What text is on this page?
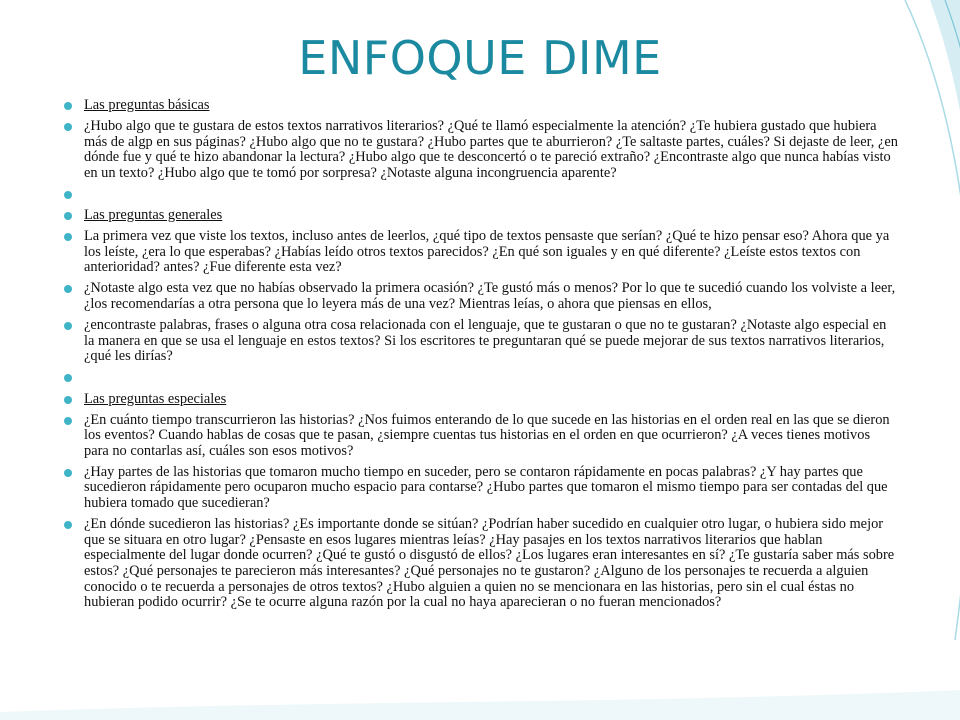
ENFOQUE DIME
Las preguntas básicas
¿Hubo algo que te gustara de estos textos narrativos literarios? ¿Qué te llamó especialmente la atención? ¿Te hubiera gustado que hubiera más de algp en sus páginas? ¿Hubo algo que no te gustara? ¿Hubo partes que te aburrieron? ¿Te saltaste partes, cuáles? Si dejaste de leer, ¿en dónde fue y qué te hizo abandonar la lectura? ¿Hubo algo que te desconcertó o te pareció extraño? ¿Encontraste algo que nunca habías visto en un texto? ¿Hubo algo que te tomó por sorpresa? ¿Notaste alguna incongruencia aparente?
Las preguntas generales
La primera vez que viste los textos, incluso antes de leerlos, ¿qué tipo de textos pensaste que serían? ¿Qué te hizo pensar eso? Ahora que ya los leíste, ¿era lo que esperabas? ¿Habías leído otros textos parecidos? ¿En qué son iguales y en qué diferente? ¿Leíste estos textos con anterioridad? antes? ¿Fue diferente esta vez?
¿Notaste algo esta vez que no habías observado la primera ocasión? ¿Te gustó más o menos? Por lo que te sucedió cuando los volviste a leer, ¿los recomendarías a otra persona que lo leyera más de una vez? Mientras leías, o ahora que piensas en ellos,
¿encontraste palabras, frases o alguna otra cosa relacionada con el lenguaje, que te gustaran o que no te gustaran? ¿Notaste algo especial en la manera en que se usa el lenguaje en estos textos? Si los escritores te preguntaran qué se puede mejorar de sus textos narrativos literarios, ¿qué les dirías?
Las preguntas especiales
¿En cuánto tiempo transcurrieron las historias? ¿Nos fuimos enterando de lo que sucede en las historias en el orden real en las que se dieron los eventos? Cuando hablas de cosas que te pasan, ¿siempre cuentas tus historias en el orden en que ocurrieron? ¿A veces tienes motivos para no contarlas así, cuáles son esos motivos?
¿Hay partes de las historias que tomaron mucho tiempo en suceder, pero se contaron rápidamente en pocas palabras? ¿Y hay partes que sucedieron rápidamente pero ocuparon mucho espacio para contarse? ¿Hubo partes que tomaron el mismo tiempo para ser contadas del que hubiera tomado que sucedieran?
¿En dónde sucedieron las historias? ¿Es importante donde se sitúan? ¿Podrían haber sucedido en cualquier otro lugar, o hubiera sido mejor que se situara en otro lugar? ¿Pensaste en esos lugares mientras leías? ¿Hay pasajes en los textos narrativos literarios que hablan especialmente del lugar donde ocurren? ¿Qué te gustó o disgustó de ellos? ¿Los lugares eran interesantes en sí? ¿Te gustaría saber más sobre estos? ¿Qué personajes te parecieron más interesantes? ¿Qué personajes no te gustaron? ¿Alguno de los personajes te recuerda a alguien conocido o te recuerda a personajes de otros textos? ¿Hubo alguien a quien no se mencionara en las historias, pero sin el cual éstas no hubieran podido ocurrir? ¿Se te ocurre alguna razón por la cual no haya aparecieran o no fueran mencionados?
